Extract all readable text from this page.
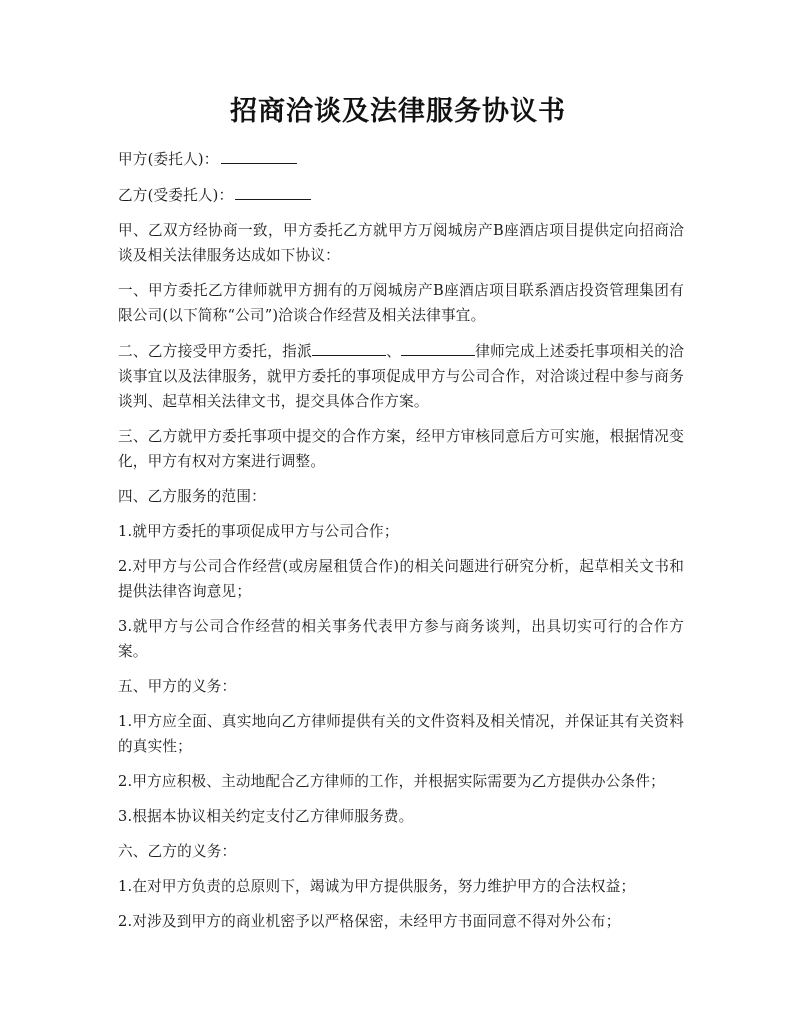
招商洽谈及法律服务协议书

甲方(委托人)：

乙方(受委托人)：

甲、乙双方经协商一致，甲方委托乙方就甲方万阅城房产B座酒店项目提供定向招商洽谈及相关法律服务达成如下协议：

一、甲方委托乙方律师就甲方拥有的万阅城房产B座酒店项目联系酒店投资管理集团有限公司(以下简称“公司”)洽谈合作经营及相关法律事宜。

二、乙方接受甲方委托，指派	、	律师完成上述委托事项相关的洽谈事宜以及法律服务，就甲方委托的事项促成甲方与公司合作，对洽谈过程中参与商务谈判、起草相关法律文书，提交具体合作方案。

三、乙方就甲方委托事项中提交的合作方案，经甲方审核同意后方可实施，根据情况变化，甲方有权对方案进行调整。

四、乙方服务的范围：

1.就甲方委托的事项促成甲方与公司合作；

2.对甲方与公司合作经营(或房屋租赁合作)的相关问题进行研究分析，起草相关文书和提供法律咨询意见；

3.就甲方与公司合作经营的相关事务代表甲方参与商务谈判，出具切实可行的合作方案。

五、甲方的义务：

1.甲方应全面、真实地向乙方律师提供有关的文件资料及相关情况，并保证其有关资料的真实性；

2.甲方应积极、主动地配合乙方律师的工作，并根据实际需要为乙方提供办公条件；

3.根据本协议相关约定支付乙方律师服务费。

六、乙方的义务：

1.在对甲方负责的总原则下，竭诚为甲方提供服务，努力维护甲方的合法权益；

2.对涉及到甲方的商业机密予以严格保密，未经甲方书面同意不得对外公布；
